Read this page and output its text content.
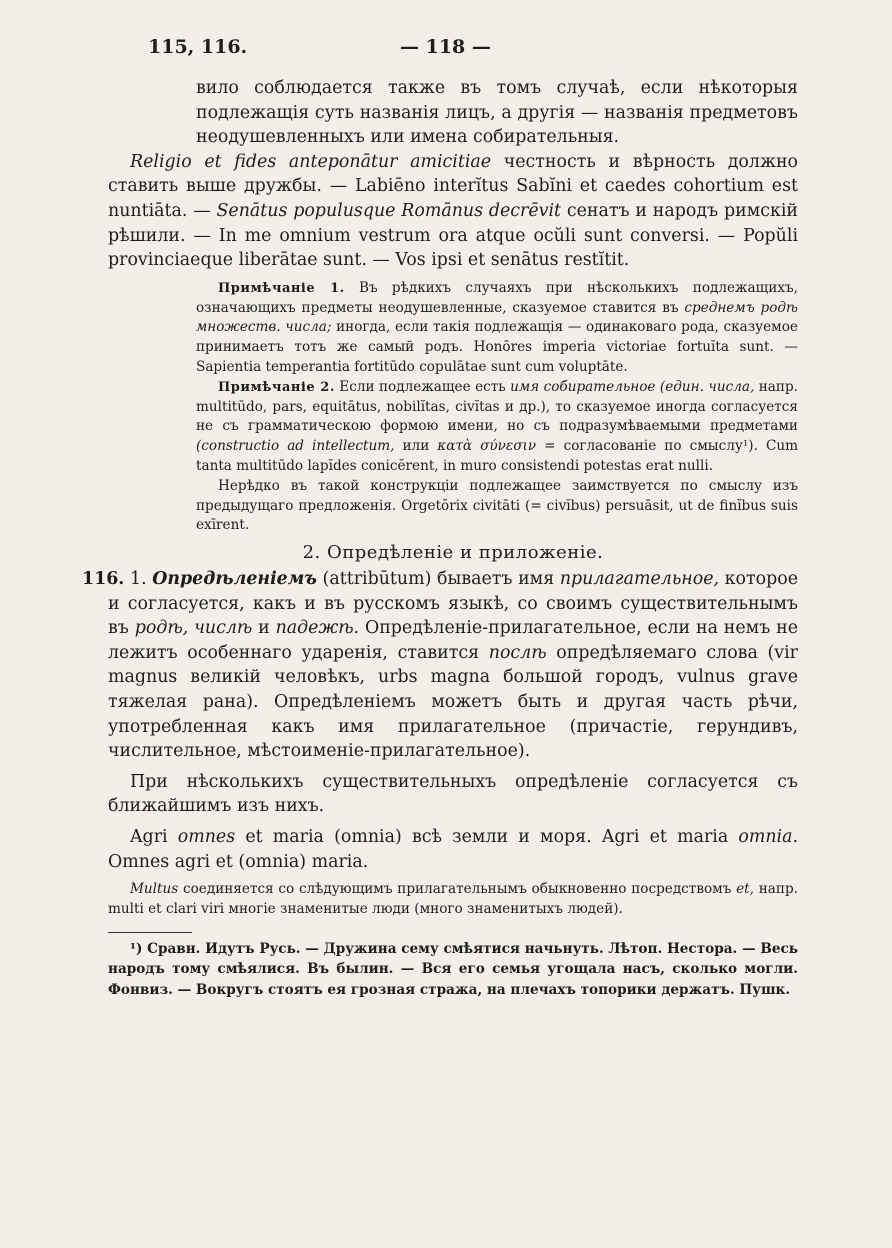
115, 116.	— 118 —

вило соблюдается также въ томъ случаѣ, если нѣкоторыя подлежащія суть названія лицъ, а другія — названія предметовъ неодушевленныхъ или имена собирательныя.

Religio et fides anteponātur amicitiae честность и вѣрность должно ставить выше дружбы. — Labiēno interĭtus Sabĭni et caedes cohortium est nuntiāta. — Senātus populusque Romānus decrēvit сенатъ и народъ римскій рѣшили. — In me omnium vestrum ora atque ocŭli sunt conversi. — Popŭli provinciaeque liberātae sunt. — Vos ipsi et senātus restĭtit.

Примѣчаніе 1. Въ рѣдкихъ случаяхъ при нѣсколькихъ подлежащихъ, означающихъ предметы неодушевленные, сказуемое ставится въ среднемъ родѣ множеств. числа; иногда, если такія подлежащія — одинаковаго рода, сказуемое принимаетъ тотъ же самый родъ. Honōres imperia victoriae fortuĭta sunt. — Sapientia temperantia fortitūdo copulātae sunt cum voluptāte.

Примѣчаніе 2. Если подлежащее есть имя собирательное (един. числа, напр. multitūdo, pars, equitātus, nobilĭtas, civĭtas и др.), то сказуемое иногда согласуется не съ грамматическою формою имени, но съ подразумѣваемыми предметами (constructio ad intellectum, или κατὰ σύνεσιν = согласованіе по смыслу¹). Cum tanta multitūdo lapĭdes conicĕrent, in muro consistendi potestas erat nulli.

Нерѣдко въ такой конструкціи подлежащее заимствуется по смыслу изъ предыдущаго предложенія. Orgetŏrix civitāti (= civĭbus) persuāsit, ut de finĭbus suis exīrent.

2. Опредѣленіе и приложеніе.

116. 1. Опредѣленіемъ (attribūtum) бываетъ имя прилагательное, которое и согласуется, какъ и въ русскомъ языкѣ, со своимъ существительнымъ въ родѣ, числѣ и падежѣ. Опредѣленіе-прилагательное, если на немъ не лежитъ особеннаго ударенія, ставится послѣ опредѣляемаго слова (vir magnus великій человѣкъ, urbs magna большой городъ, vulnus grave тяжелая рана). Опредѣленіемъ можетъ быть и другая часть рѣчи, употребленная какъ имя прилагательное (причастіе, герундивъ, числительное, мѣстоименіе-прилагательное).

При нѣсколькихъ существительныхъ опредѣленіе согласуется съ ближайшимъ изъ нихъ.

Agri omnes et maria (omnia) всѣ земли и моря. Agri et maria omnia. Omnes agri et (omnia) maria.

Multus соединяется со слѣдующимъ прилагательнымъ обыкновенно посредствомъ et, напр. multi et clari viri многіе знаменитые люди (много знаменитыхъ людей).

¹) Сравн. Идутъ Русь. — Дружина сему смѣятися начьнуть. Лѣтоп. Нестора. — Весь народъ тому смѣялися. Въ былин. — Вся его семья угощала насъ, сколько могли. Фонвиз. — Вокругъ стоятъ ея грозная стража, на плечахъ топорики держатъ. Пушк.
